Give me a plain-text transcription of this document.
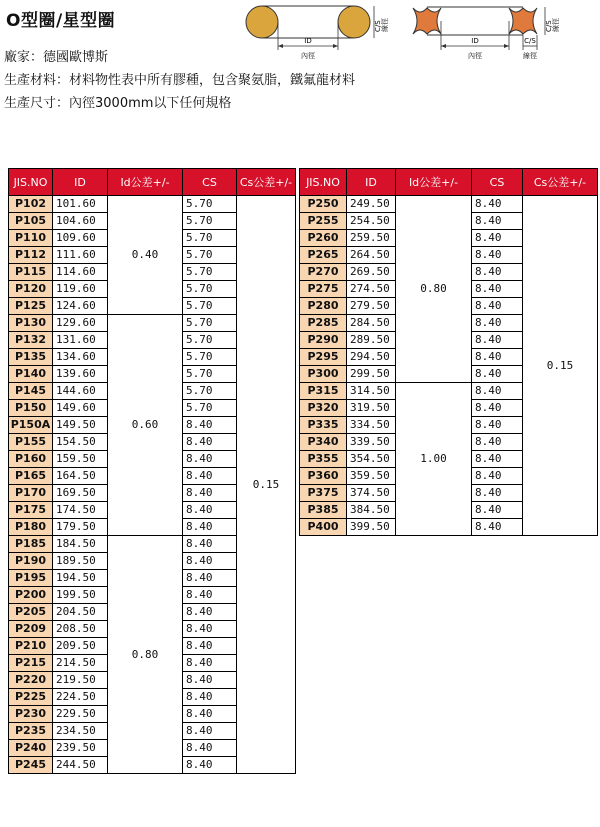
O型圈/星型圈
ID
內徑
C/S 線徑
ID
內徑
C/S
線徑
C/S 線徑
廠家：德國歐博斯
生產材料：材料物性表中所有膠種，包含聚氨脂，鐵氟龍材料
生產尺寸：內徑3000mm以下任何規格
JIS.NO	ID	Id公差+/-	CS	Cs公差+/-
P102	101.60	0.40	5.70	0.15
P105	104.60		5.70	
P110	109.60		5.70	
P112	111.60		5.70	
P115	114.60		5.70	
P120	119.60		5.70	
P125	124.60		5.70	
P130	129.60	0.60	5.70	
P132	131.60		5.70	
P135	134.60		5.70	
P140	139.60		5.70	
P145	144.60		5.70	
P150	149.60		5.70	
P150A	149.50		8.40	
P155	154.50		8.40	
P160	159.50		8.40	
P165	164.50		8.40	
P170	169.50		8.40	
P175	174.50		8.40	
P180	179.50		8.40	
P185	184.50	0.80	8.40	
P190	189.50		8.40	
P195	194.50		8.40	
P200	199.50		8.40	
P205	204.50		8.40	
P209	208.50		8.40	
P210	209.50		8.40	
P215	214.50		8.40	
P220	219.50		8.40	
P225	224.50		8.40	
P230	229.50		8.40	
P235	234.50		8.40	
P240	239.50		8.40	
P245	244.50		8.40	
JIS.NO	ID	Id公差+/-	CS	Cs公差+/-
P250	249.50	0.80	8.40	0.15
P255	254.50		8.40	
P260	259.50		8.40	
P265	264.50		8.40	
P270	269.50		8.40	
P275	274.50		8.40	
P280	279.50		8.40	
P285	284.50		8.40	
P290	289.50		8.40	
P295	294.50		8.40	
P300	299.50		8.40	
P315	314.50	1.00	8.40	
P320	319.50		8.40	
P335	334.50		8.40	
P340	339.50		8.40	
P355	354.50		8.40	
P360	359.50		8.40	
P375	374.50		8.40	
P385	384.50		8.40	
P400	399.50		8.40	
